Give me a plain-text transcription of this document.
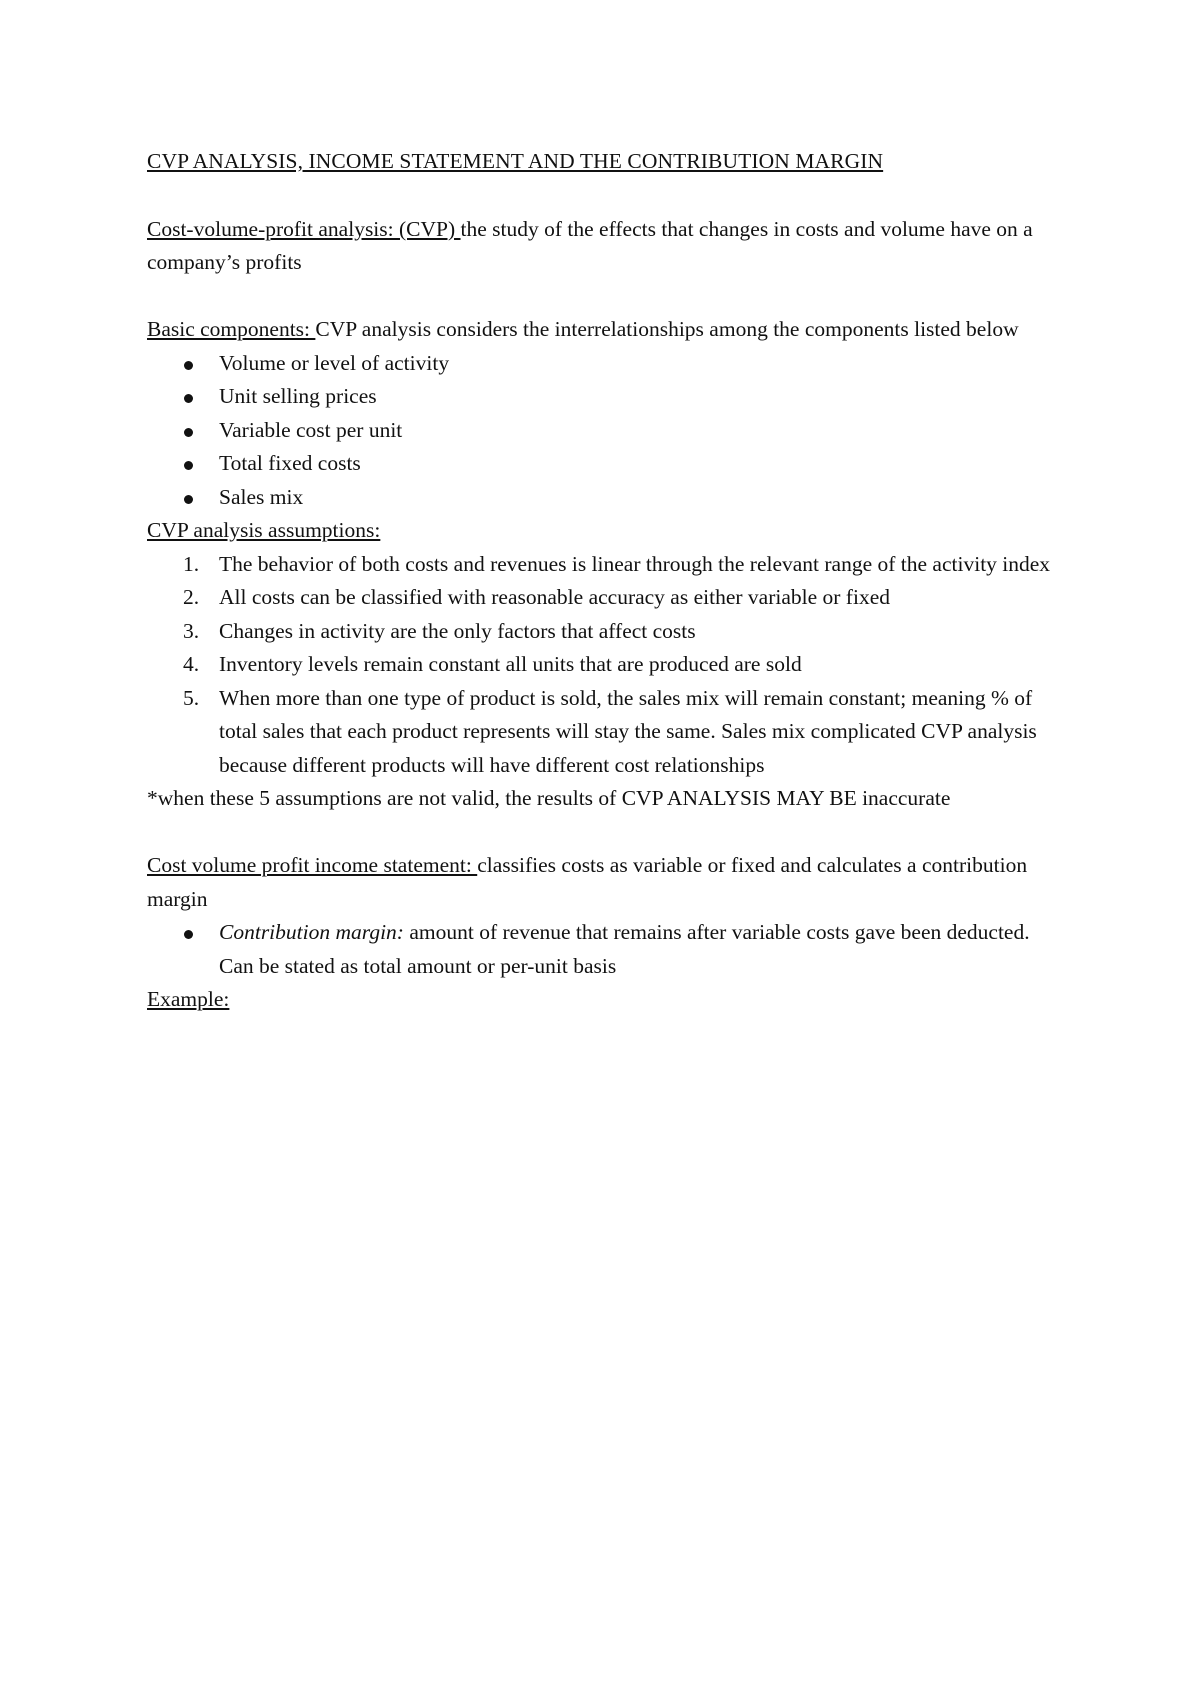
CVP ANALYSIS, INCOME STATEMENT AND THE CONTRIBUTION MARGIN

Cost-volume-profit analysis: (CVP) the study of the effects that changes in costs and volume have on a company’s profits

Basic components: CVP analysis considers the interrelationships among the components listed below

Volume or level of activity
Unit selling prices
Variable cost per unit
Total fixed costs
Sales mix

CVP analysis assumptions:

1. The behavior of both costs and revenues is linear through the relevant range of the activity index
2. All costs can be classified with reasonable accuracy as either variable or fixed
3. Changes in activity are the only factors that affect costs
4. Inventory levels remain constant all units that are produced are sold
5. When more than one type of product is sold, the sales mix will remain constant; meaning % of total sales that each product represents will stay the same. Sales mix complicated CVP analysis because different products will have different cost relationships

*when these 5 assumptions are not valid, the results of CVP ANALYSIS MAY BE inaccurate

Cost volume profit income statement: classifies costs as variable or fixed and calculates a contribution margin

Contribution margin: amount of revenue that remains after variable costs gave been deducted. Can be stated as total amount or per-unit basis

Example:
